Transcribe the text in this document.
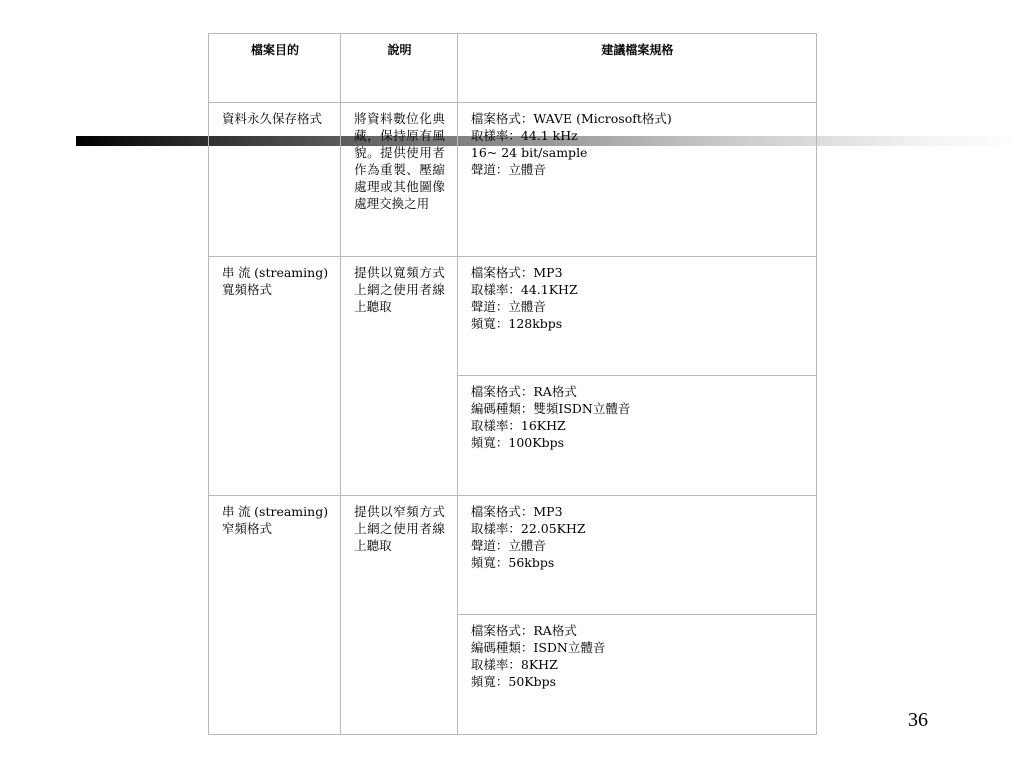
檔案目的	說明	建議檔案規格
資料永久保存格式	將資料數位化典藏，保持原有風貌。提供使用者作為重製、壓縮處理或其他圖像處理交換之用	檔案格式：WAVE (Microsoft格式)
取樣率：44.1 kHz
16~ 24 bit/sample
聲道：立體音

串流(streaming) 寬頻格式	提供以寬頻方式上網之使用者線上聽取	檔案格式：MP3
取樣率：44.1KHZ
聲道：立體音
頻寬：128kbps

		檔案格式：RA格式
編碼種類：雙頻ISDN立體音
取樣率：16KHZ
頻寬：100Kbps

串流(streaming) 窄頻格式	提供以窄頻方式上網之使用者線上聽取	檔案格式：MP3
取樣率：22.05KHZ
聲道：立體音
頻寬：56kbps

		檔案格式：RA格式
編碼種類：ISDN立體音
取樣率：8KHZ
頻寬：50Kbps
36
